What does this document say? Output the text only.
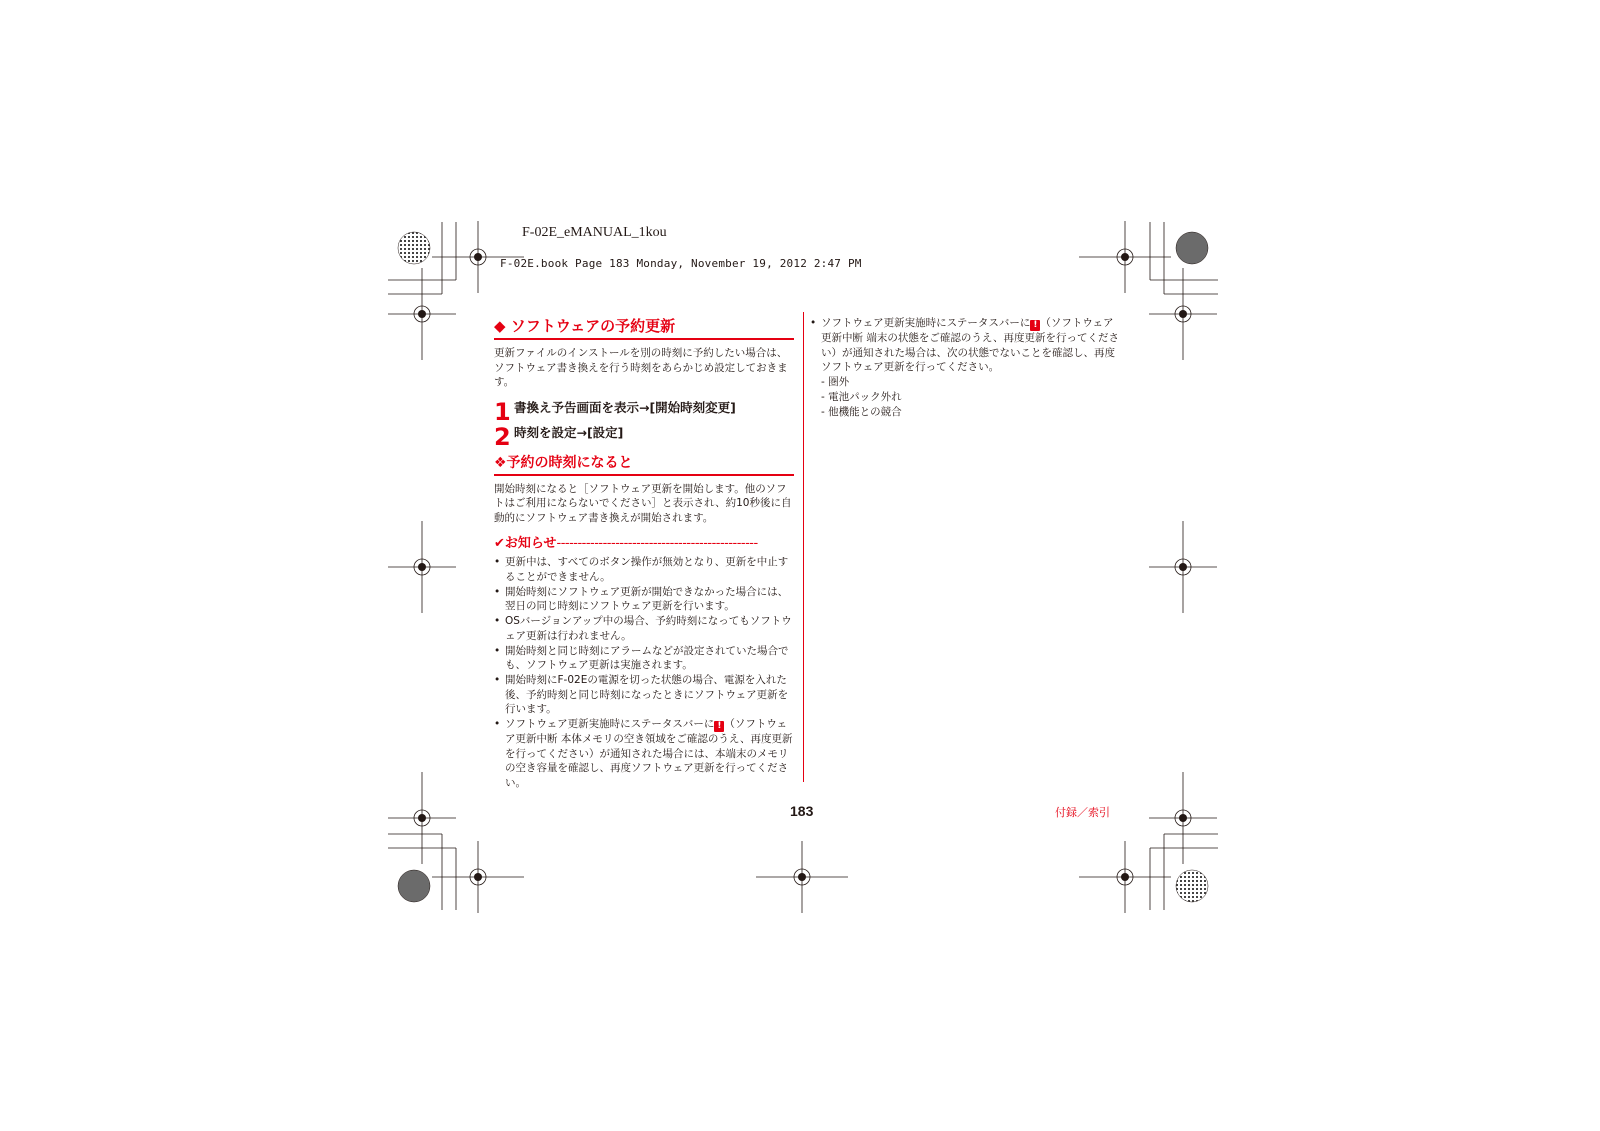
F-02E_eMANUAL_1kou
F-02E.book Page 183 Monday, November 19, 2012 2:47 PM
◆ ソフトウェアの予約更新

更新ファイルのインストールを別の時刻に予約したい場合は、ソフトウェア書き換えを行う時刻をあらかじめ設定しておきます。

1 書換え予告画面を表示→[開始時刻変更]
2 時刻を設定→[設定]
❖予約の時刻になると

開始時刻になると［ソフトウェア更新を開始します。他のソフトはご利用にならないでください］と表示され、約10秒後に自動的にソフトウェア書き換えが開始されます。

✔お知らせ------------------------------------------------
• 更新中は、すべてのボタン操作が無効となり、更新を中止することができません。
• 開始時刻にソフトウェア更新が開始できなかった場合には、翌日の同じ時刻にソフトウェア更新を行います。
• OSバージョンアップ中の場合、予約時刻になってもソフトウェア更新は行われません。
• 開始時刻と同じ時刻にアラームなどが設定されていた場合でも、ソフトウェア更新は実施されます。
• 開始時刻にF-02Eの電源を切った状態の場合、電源を入れた後、予約時刻と同じ時刻になったときにソフトウェア更新を行います。
• ソフトウェア更新実施時にステータスバーに ! （ソフトウェア更新中断 本体メモリの空き領域をご確認のうえ、再度更新を行ってください）が通知された場合には、本端末のメモリの空き容量を確認し、再度ソフトウェア更新を行ってください。
• ソフトウェア更新実施時にステータスバーに ! （ソフトウェア更新中断 端末の状態をご確認のうえ、再度更新を行ってください）が通知された場合は、次の状態でないことを確認し、再度ソフトウェア更新を行ってください。
- 圏外
- 電池パック外れ
- 他機能との競合
183	付録／索引
